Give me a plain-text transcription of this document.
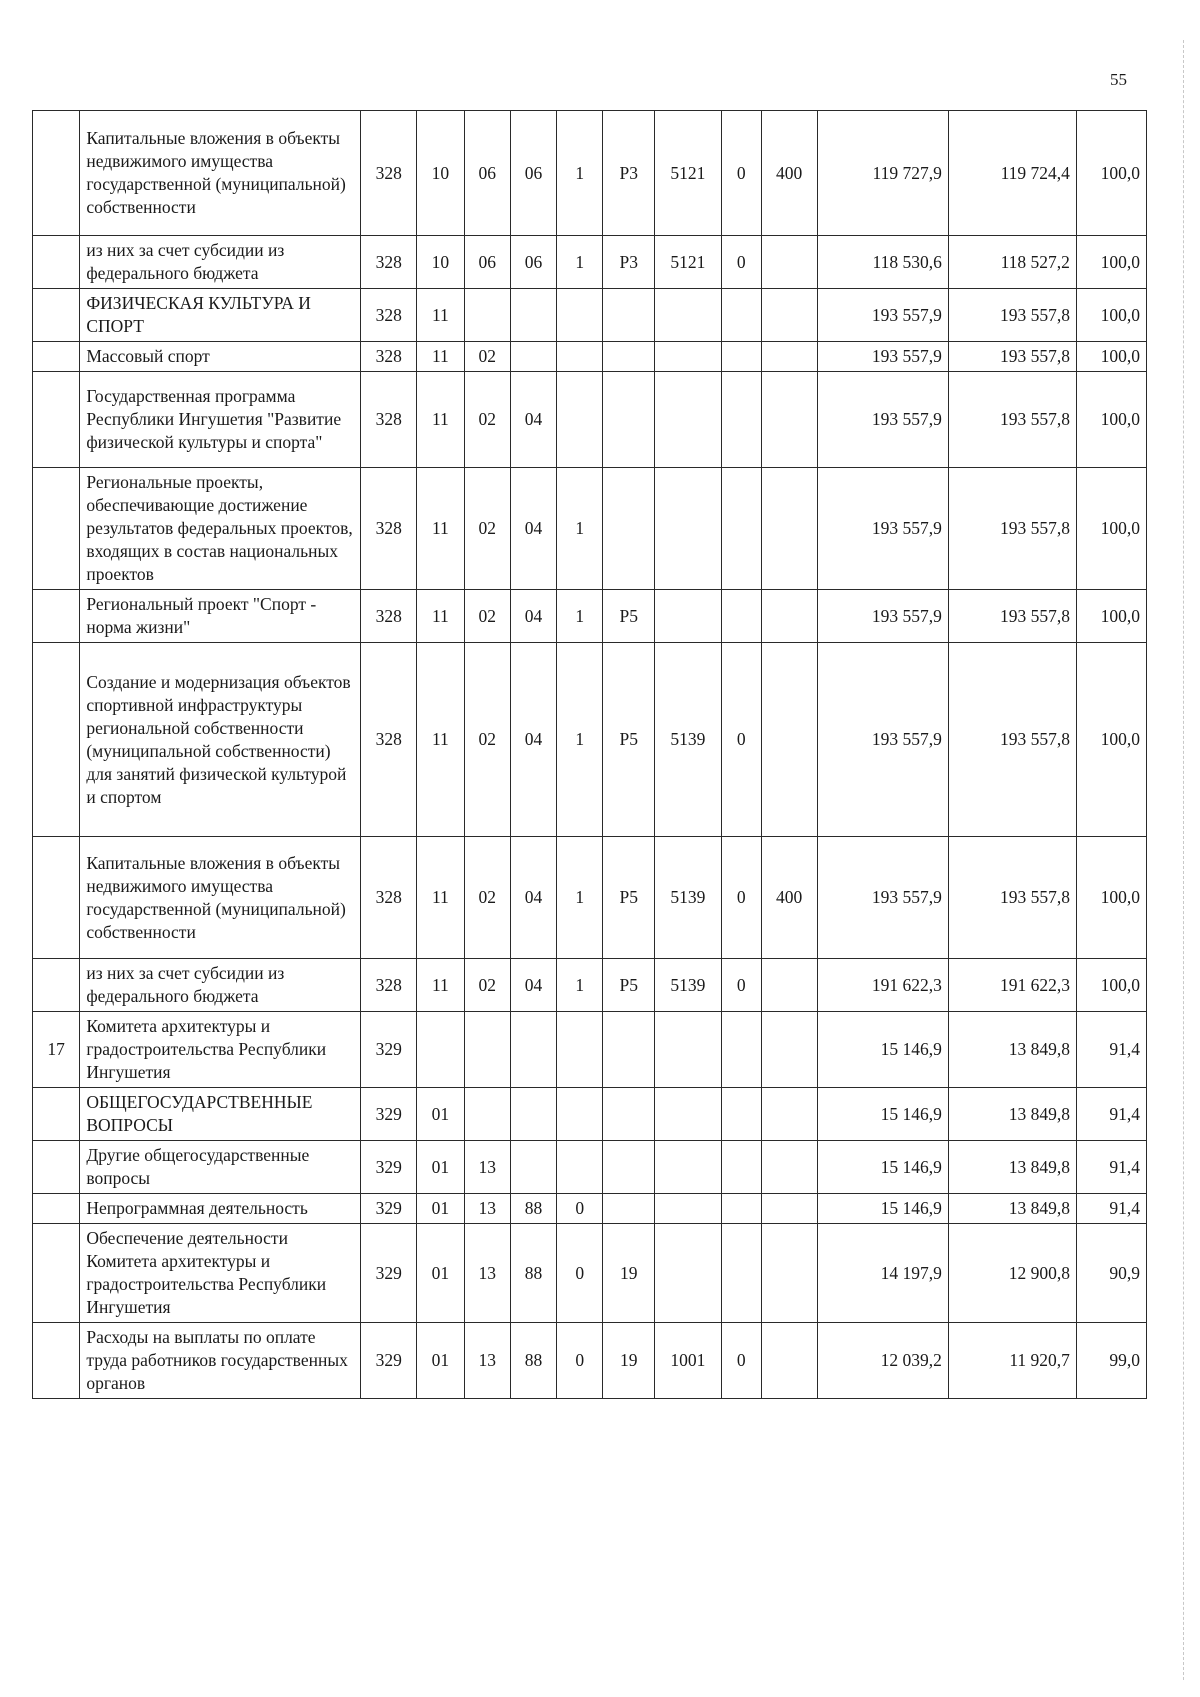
55
	Капитальные вложения в объекты недвижимого имущества государственной (муниципальной) собственности	328	10	06	06	1	Р3	5121	0	400	119 727,9	119 724,4	100,0
	из них за счет субсидии из федерального бюджета	328	10	06	06	1	Р3	5121	0		118 530,6	118 527,2	100,0
	ФИЗИЧЕСКАЯ КУЛЬТУРА И СПОРТ	328	11								193 557,9	193 557,8	100,0
	Массовый спорт	328	11	02							193 557,9	193 557,8	100,0
	Государственная программа Республики Ингушетия "Развитие физической культуры и спорта"	328	11	02	04						193 557,9	193 557,8	100,0
	Региональные проекты, обеспечивающие достижение результатов федеральных проектов, входящих в состав национальных проектов	328	11	02	04	1					193 557,9	193 557,8	100,0
	Региональный проект "Спорт - норма жизни"	328	11	02	04	1	Р5				193 557,9	193 557,8	100,0
	Создание и модернизация объектов спортивной инфраструктуры региональной собственности (муниципальной собственности) для занятий физической культурой и спортом	328	11	02	04	1	Р5	5139	0		193 557,9	193 557,8	100,0
	Капитальные вложения в объекты недвижимого имущества государственной (муниципальной) собственности	328	11	02	04	1	Р5	5139	0	400	193 557,9	193 557,8	100,0
	из них за счет субсидии из федерального бюджета	328	11	02	04	1	Р5	5139	0		191 622,3	191 622,3	100,0
17	Комитета архитектуры и градостроительства Республики Ингушетия	329									15 146,9	13 849,8	91,4
	ОБЩЕГОСУДАРСТВЕННЫЕ ВОПРОСЫ	329	01								15 146,9	13 849,8	91,4
	Другие общегосударственные вопросы	329	01	13							15 146,9	13 849,8	91,4
	Непрограммная деятельность	329	01	13	88	0					15 146,9	13 849,8	91,4
	Обеспечение деятельности Комитета архитектуры и градостроительства Республики Ингушетия	329	01	13	88	0	19				14 197,9	12 900,8	90,9
	Расходы на выплаты по оплате труда работников государственных органов	329	01	13	88	0	19	1001	0		12 039,2	11 920,7	99,0
